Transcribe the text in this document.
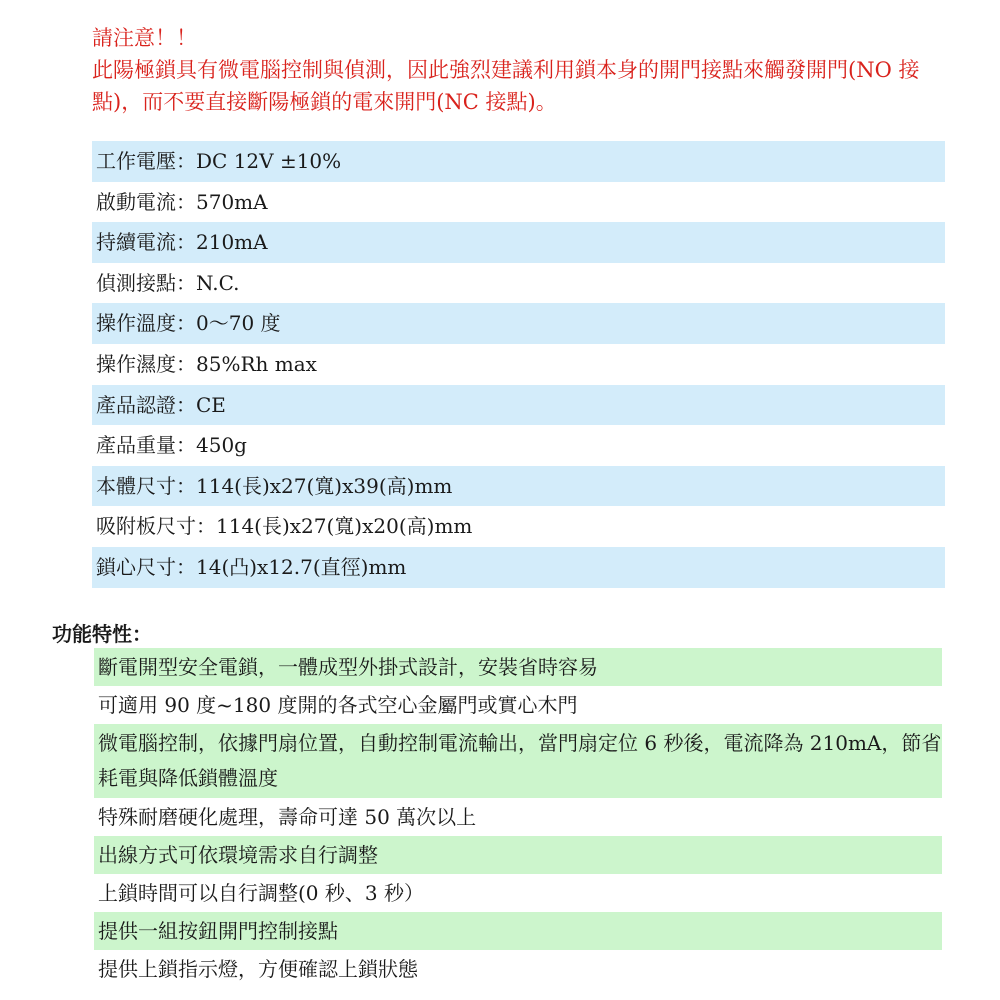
請注意！！

此陽極鎖具有微電腦控制與偵測，因此強烈建議利用鎖本身的開門接點來觸發開門(NO 接點)，而不要直接斷陽極鎖的電來開門(NC 接點)。

工作電壓：DC 12V ±10%
啟動電流：570mA
持續電流：210mA
偵測接點：N.C.
操作溫度：0～70 度
操作濕度：85%Rh max
產品認證：CE
產品重量：450g
本體尺寸：114(長)x27(寬)x39(高)mm
吸附板尺寸：114(長)x27(寬)x20(高)mm
鎖心尺寸：14(凸)x12.7(直徑)mm
功能特性：
斷電開型安全電鎖，一體成型外掛式設計，安裝省時容易
可適用 90 度~180 度開的各式空心金屬門或實心木門
微電腦控制，依據門扇位置，自動控制電流輸出，當門扇定位 6 秒後，電流降為 210mA，節省耗電與降低鎖體溫度
特殊耐磨硬化處理，壽命可達 50 萬次以上
出線方式可依環境需求自行調整
上鎖時間可以自行調整(0 秒、3 秒）
提供一組按鈕開門控制接點
提供上鎖指示燈，方便確認上鎖狀態
